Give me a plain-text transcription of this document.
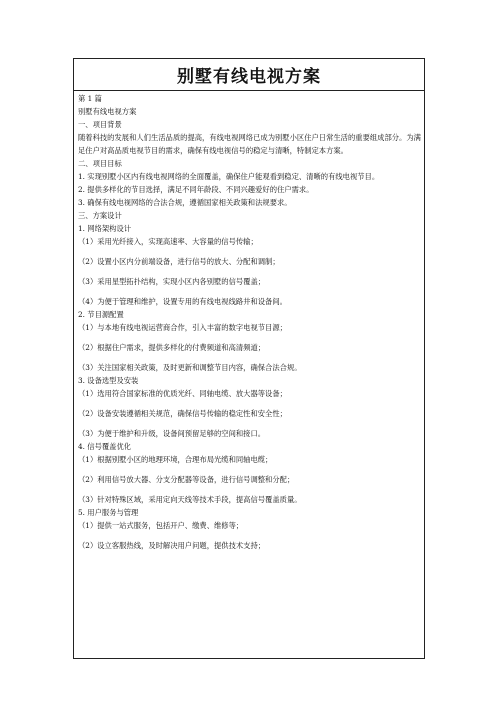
别墅有线电视方案
第 1 篇
别墅有线电视方案
一、项目背景
随着科技的发展和人们生活品质的提高，有线电视网络已成为别墅小区住户日常生活的重要组成部分。为满足住户对高品质电视节目的需求，确保有线电视信号的稳定与清晰，特制定本方案。
二、项目目标
1. 实现别墅小区内有线电视网络的全面覆盖，确保住户能观看到稳定、清晰的有线电视节目。
2. 提供多样化的节目选择，满足不同年龄段、不同兴趣爱好的住户需求。
3. 确保有线电视网络的合法合规，遵循国家相关政策和法规要求。
三、方案设计
1. 网络架构设计
（1）采用光纤接入，实现高速率、大容量的信号传输；
（2）设置小区内分前端设备，进行信号的放大、分配和调制；
（3）采用星型拓扑结构，实现小区内各别墅的信号覆盖；
（4）为便于管理和维护，设置专用的有线电视线路井和设备间。
2. 节目源配置
（1）与本地有线电视运营商合作，引入丰富的数字电视节目源；
（2）根据住户需求，提供多样化的付费频道和高清频道；
（3）关注国家相关政策，及时更新和调整节目内容，确保合法合规。
3. 设备选型及安装
（1）选用符合国家标准的优质光纤、同轴电缆、放大器等设备；
（2）设备安装遵循相关规范，确保信号传输的稳定性和安全性；
（3）为便于维护和升级，设备间预留足够的空间和接口。
4. 信号覆盖优化
（1）根据别墅小区的地理环境，合理布局光缆和同轴电缆；
（2）利用信号放大器、分支分配器等设备，进行信号调整和分配；
（3）针对特殊区域，采用定向天线等技术手段，提高信号覆盖质量。
5. 用户服务与管理
（1）提供一站式服务，包括开户、缴费、维修等；
（2）设立客服热线，及时解决用户问题，提供技术支持；
